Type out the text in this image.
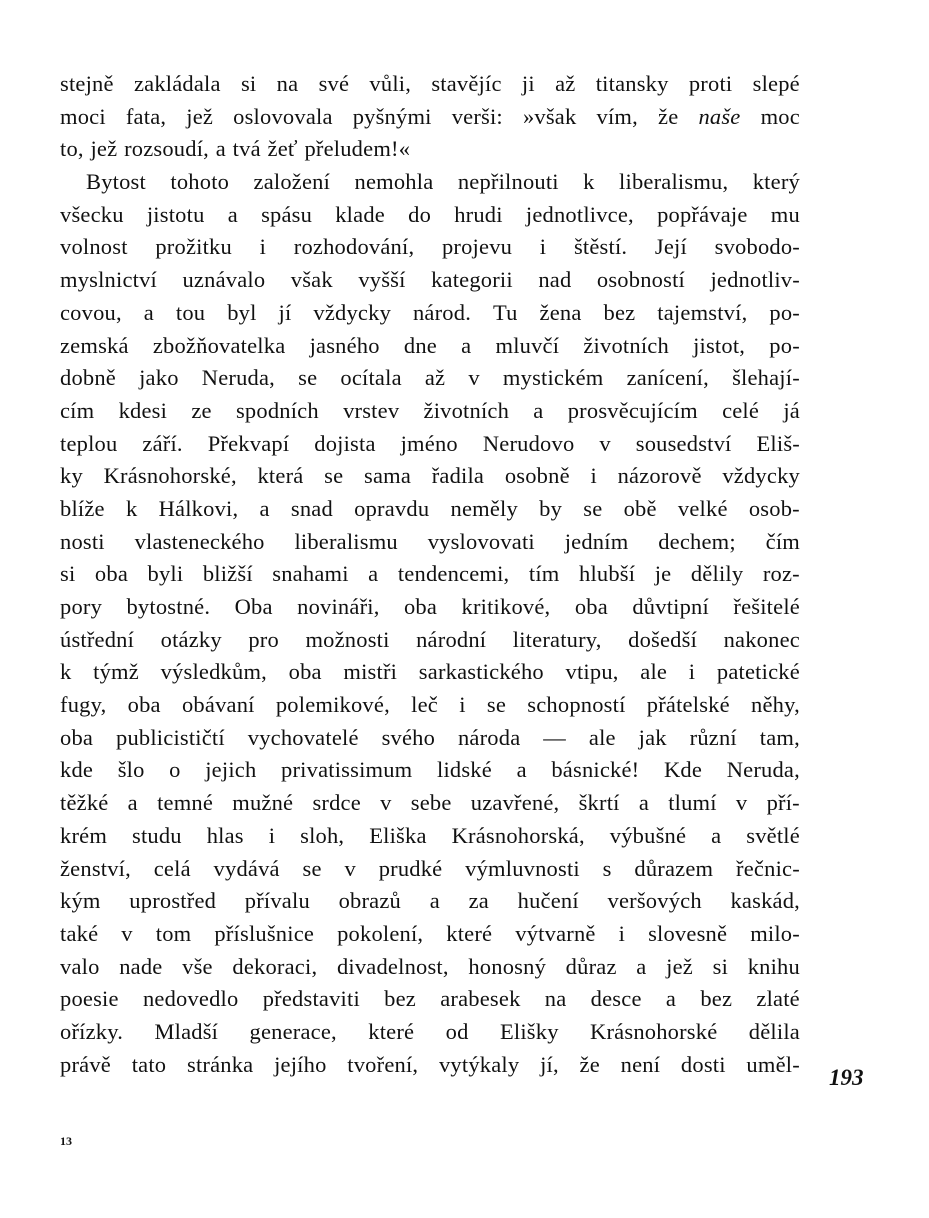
stejně zakládala si na své vůli, stavějíc ji až titansky proti slepé
moci fata, jež oslovovala pyšnými verši: »však vím, že naše moc
to, jež rozsoudí, a tvá žeť přeludem!«
Bytost tohoto založení nemohla nepřilnouti k liberalismu, který
všecku jistotu a spásu klade do hrudi jednotlivce, popřávaje mu
volnost prožitku i rozhodování, projevu i štěstí. Její svobodo-
myslnictví uznávalo však vyšší kategorii nad osobností jednotliv-
covou, a tou byl jí vždycky národ. Tu žena bez tajemství, po-
zemská zbožňovatelka jasného dne a mluvčí životních jistot, po-
dobně jako Neruda, se ocítala až v mystickém zanícení, šlehají-
cím kdesi ze spodních vrstev životních a prosvěcujícím celé já
teplou září. Překvapí dojista jméno Nerudovo v sousedství Eliš-
ky Krásnohorské, která se sama řadila osobně i názorově vždycky
blíže k Hálkovi, a snad opravdu neměly by se obě velké osob-
nosti vlasteneckého liberalismu vyslovovati jedním dechem; čím
si oba byli bližší snahami a tendencemi, tím hlubší je dělily roz-
pory bytostné. Oba novináři, oba kritikové, oba důvtipní řešitelé
ústřední otázky pro možnosti národní literatury, došedší nakonec
k týmž výsledkům, oba mistři sarkastického vtipu, ale i patetické
fugy, oba obávaní polemikové, leč i se schopností přátelské něhy,
oba publicističtí vychovatelé svého národa — ale jak různí tam,
kde šlo o jejich privatissimum lidské a básnické! Kde Neruda,
těžké a temné mužné srdce v sebe uzavřené, škrtí a tlumí v pří-
krém studu hlas i sloh, Eliška Krásnohorská, výbušné a světlé
ženství, celá vydává se v prudké výmluvnosti s důrazem řečnic-
kým uprostřed přívalu obrazů a za hučení veršových kaskád,
také v tom příslušnice pokolení, které výtvarně i slovesně milo-
valo nade vše dekoraci, divadelnost, honosný důraz a jež si knihu
poesie nedovedlo představiti bez arabesek na desce a bez zlaté
ořízky. Mladší generace, které od Elišky Krásnohorské dělila
právě tato stránka jejího tvoření, vytýkaly jí, že není dosti uměl-
193
13
